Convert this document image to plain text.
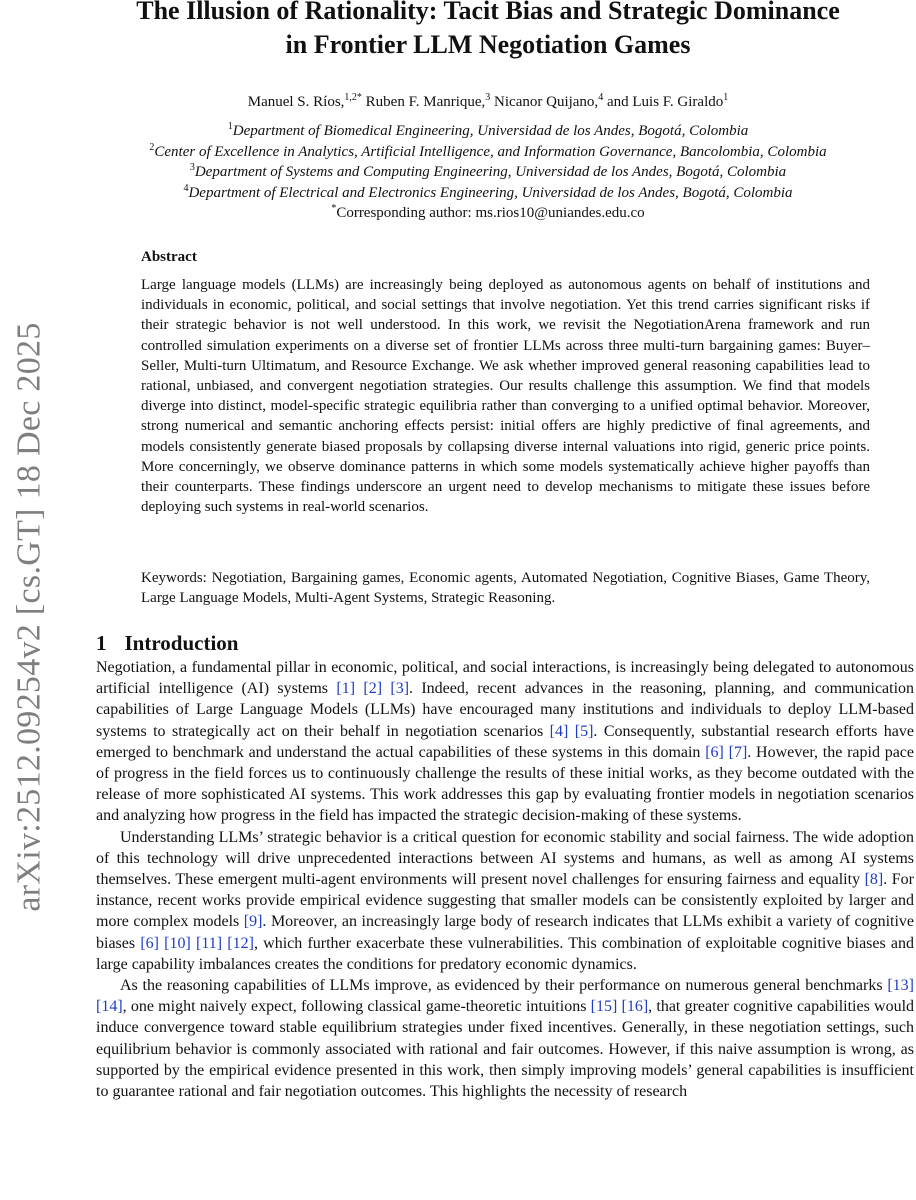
arXiv:2512.09254v2 [cs.GT] 18 Dec 2025
The Illusion of Rationality: Tacit Bias and Strategic Dominance
in Frontier LLM Negotiation Games
Manuel S. Ríos,$^{1,2*}$ Ruben F. Manrique,$^3$ Nicanor Quijano,$^4$ and Luis F. Giraldo$^1$
$^1$Department of Biomedical Engineering, Universidad de los Andes, Bogotá, Colombia
$^2$Center of Excellence in Analytics, Artificial Intelligence, and Information Governance, Bancolombia, Colombia
$^3$Department of Systems and Computing Engineering, Universidad de los Andes, Bogotá, Colombia
$^4$Department of Electrical and Electronics Engineering, Universidad de los Andes, Bogotá, Colombia
*Corresponding author: ms.rios10@uniandes.edu.co
Abstract

Large language models (LLMs) are increasingly being deployed as autonomous agents on behalf of institutions and individuals in economic, political, and social settings that involve negotiation. Yet this trend carries significant risks if their strategic behavior is not well understood. In this work, we revisit the NegotiationArena framework and run controlled simulation experiments on a diverse set of frontier LLMs across three multi-turn bargaining games: Buyer–Seller, Multi-turn Ultimatum, and Resource Exchange. We ask whether improved general reasoning capabilities lead to rational, unbiased, and convergent negotiation strategies. Our results challenge this assumption. We find that models diverge into distinct, model-specific strategic equilibria rather than converging to a unified optimal behavior. Moreover, strong numerical and semantic anchoring effects persist: initial offers are highly predictive of final agreements, and models consistently generate biased proposals by collapsing diverse internal valuations into rigid, generic price points. More concerningly, we observe dominance patterns in which some models systematically achieve higher payoffs than their counterparts. These findings underscore an urgent need to develop mechanisms to mitigate these issues before deploying such systems in real-world scenarios.

Keywords: Negotiation, Bargaining games, Economic agents, Automated Negotiation, Cognitive Biases, Game Theory, Large Language Models, Multi-Agent Systems, Strategic Reasoning.

1 Introduction

Negotiation, a fundamental pillar in economic, political, and social interactions, is increasingly being delegated to autonomous artificial intelligence (AI) systems [1] [2] [3]. Indeed, recent advances in the reasoning, planning, and communication capabilities of Large Language Models (LLMs) have encouraged many institutions and individuals to deploy LLM-based systems to strategically act on their behalf in negotiation scenarios [4] [5]. Consequently, substantial research efforts have emerged to benchmark and understand the actual capabilities of these systems in this domain [6] [7]. However, the rapid pace of progress in the field forces us to continuously challenge the results of these initial works, as they become outdated with the release of more sophisticated AI systems. This work addresses this gap by evaluating frontier models in negotiation scenarios and analyzing how progress in the field has impacted the strategic decision-making of these systems.

Understanding LLMs’ strategic behavior is a critical question for economic stability and social fairness. The wide adoption of this technology will drive unprecedented interactions between AI systems and humans, as well as among AI systems themselves. These emergent multi-agent environments will present novel challenges for ensuring fairness and equality [8]. For instance, recent works provide empirical evidence suggesting that smaller models can be consistently exploited by larger and more complex models [9]. Moreover, an increasingly large body of research indicates that LLMs exhibit a variety of cognitive biases [6] [10] [11] [12], which further exacerbate these vulnerabilities. This combination of exploitable cognitive biases and large capability imbalances creates the conditions for predatory economic dynamics.

As the reasoning capabilities of LLMs improve, as evidenced by their performance on numerous general benchmarks [13] [14], one might naively expect, following classical game-theoretic intuitions [15] [16], that greater cognitive capabilities would induce convergence toward stable equilibrium strategies under fixed incentives. Generally, in these negotiation settings, such equilibrium behavior is commonly associated with rational and fair outcomes. However, if this naive assumption is wrong, as supported by the empirical evidence presented in this work, then simply improving models’ general capabilities is insufficient to guarantee rational and fair negotiation outcomes. This highlights the necessity of research
